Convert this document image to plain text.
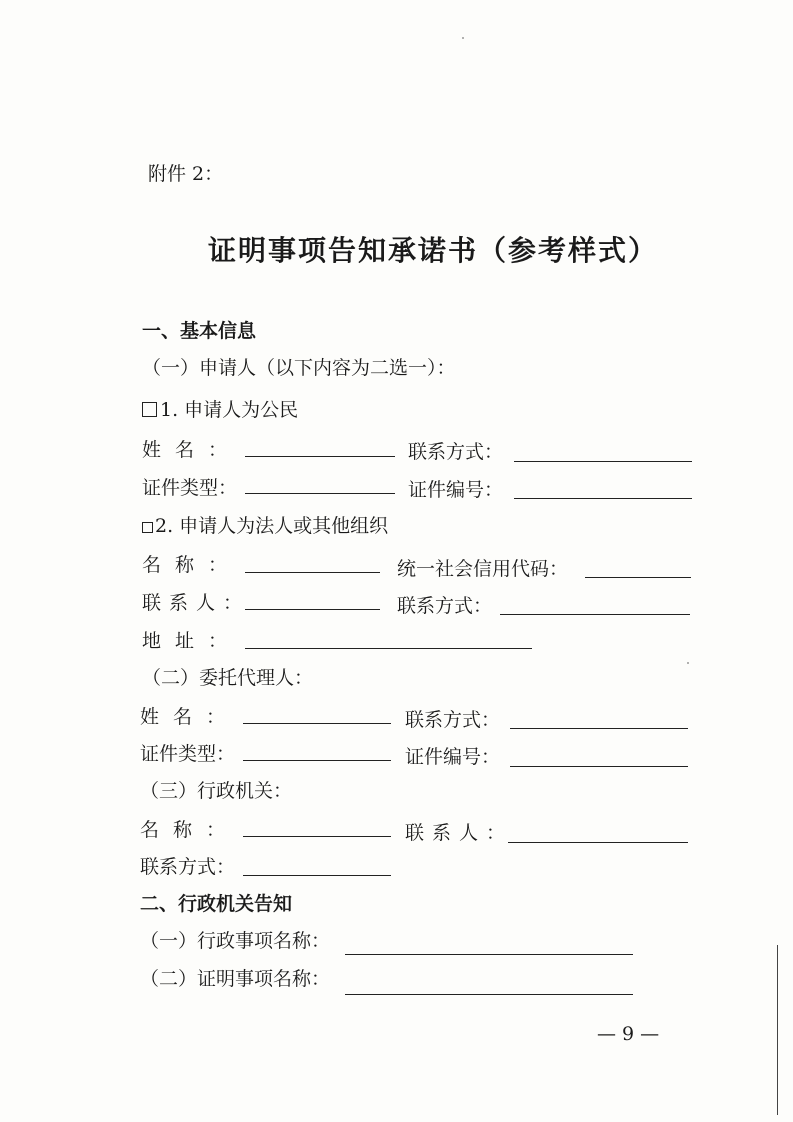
附件 2：
证明事项告知承诺书（参考样式）
一、基本信息
（一）申请人（以下内容为二选一）：
1. 申请人为公民
姓名：	联系方式：
证件类型：	证件编号：
2. 申请人为法人或其他组织
名称：	统一社会信用代码：
联系人：	联系方式：
地址：
（二）委托代理人：
姓名：	联系方式：
证件类型：	证件编号：
（三）行政机关：
名称：	联系人：
联系方式：
二、行政机关告知
（一）行政事项名称：
（二）证明事项名称：
— 9 —
